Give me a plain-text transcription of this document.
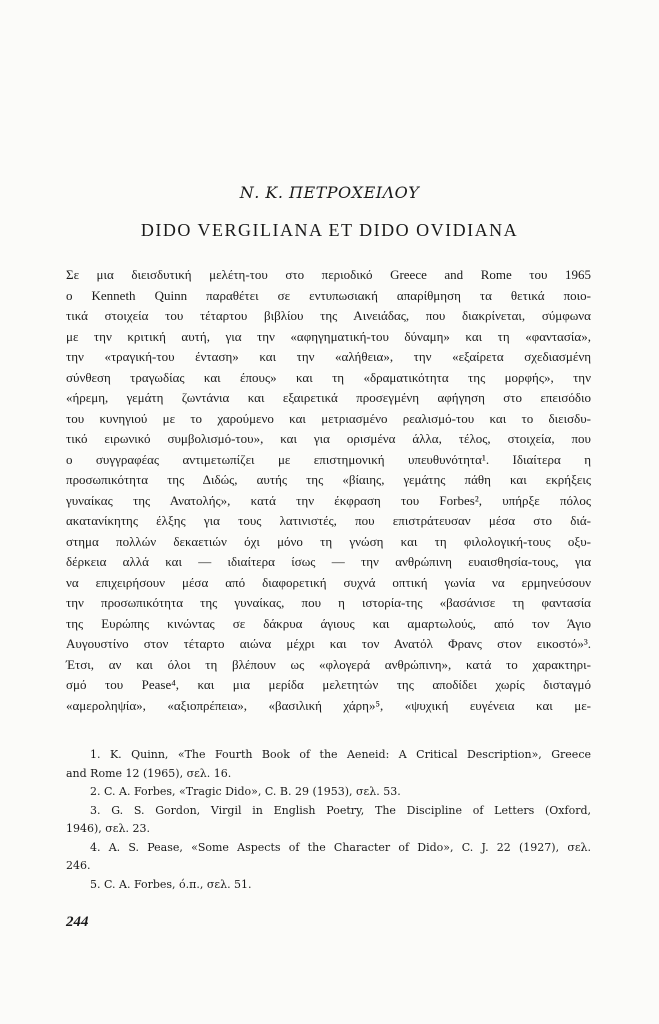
Ν. Κ. ΠΕΤΡΟΧΕΙΛΟΥ
DIDO VERGILIANA ET DIDO OVIDIANA
Σε μια διεισδυτική μελέτη-του στο περιοδικό Greece and Rome του 1965
ο Kenneth Quinn παραθέτει σε εντυπωσιακή απαρίθμηση τα θετικά ποιο-
τικά στοιχεία του τέταρτου βιβλίου της Αινειάδας, που διακρίνεται, σύμφωνα
με την κριτική αυτή, για την «αφηγηματική-του δύναμη» και τη «φαντασία»,
την «τραγική-του ένταση» και την «αλήθεια», την «εξαίρετα σχεδιασμένη
σύνθεση τραγωδίας και έπους» και τη «δραματικότητα της μορφής», την
«ήρεμη, γεμάτη ζωντάνια και εξαιρετικά προσεγμένη αφήγηση στο επεισόδιο
του κυνηγιού με το χαρούμενο και μετριασμένο ρεαλισμό-του και το διεισδυ-
τικό ειρωνικό συμβολισμό-του», και για ορισμένα άλλα, τέλος, στοιχεία, που
ο συγγραφέας αντιμετωπίζει με επιστημονική υπευθυνότητα¹. Ιδιαίτερα η
προσωπικότητα της Διδώς, αυτής της «βίαιης, γεμάτης πάθη και εκρήξεις
γυναίκας της Ανατολής», κατά την έκφραση του Forbes², υπήρξε πόλος
ακατανίκητης έλξης για τους λατινιστές, που επιστράτευσαν μέσα στο διά-
στημα πολλών δεκαετιών όχι μόνο τη γνώση και τη φιλολογική-τους οξυ-
δέρκεια αλλά και — ιδιαίτερα ίσως — την ανθρώπινη ευαισθησία-τους, για
να επιχειρήσουν μέσα από διαφορετική συχνά οπτική γωνία να ερμηνεύσουν
την προσωπικότητα της γυναίκας, που η ιστορία-της «βασάνισε τη φαντασία
της Ευρώπης κινώντας σε δάκρυα άγιους και αμαρτωλούς, από τον Άγιο
Αυγουστίνο στον τέταρτο αιώνα μέχρι και τον Ανατόλ Φρανς στον εικοστό»³.
Έτσι, αν και όλοι τη βλέπουν ως «φλογερά ανθρώπινη», κατά το χαρακτηρι-
σμό του Pease⁴, και μια μερίδα μελετητών της αποδίδει χωρίς δισταγμό
«αμεροληψία», «αξιοπρέπεια», «βασιλική χάρη»⁵, «ψυχική ευγένεια και με-
1. K. Quinn, «The Fourth Book of the Aeneid: A Critical Description», Greece
and Rome 12 (1965), σελ. 16.
2. C. A. Forbes, «Tragic Dido», C. B. 29 (1953), σελ. 53.
3. G. S. Gordon, Virgil in English Poetry, The Discipline of Letters (Oxford,
1946), σελ. 23.
4. A. S. Pease, «Some Aspects of the Character of Dido», C. J. 22 (1927), σελ.
246.
5. C. A. Forbes, ό.π., σελ. 51.
244
